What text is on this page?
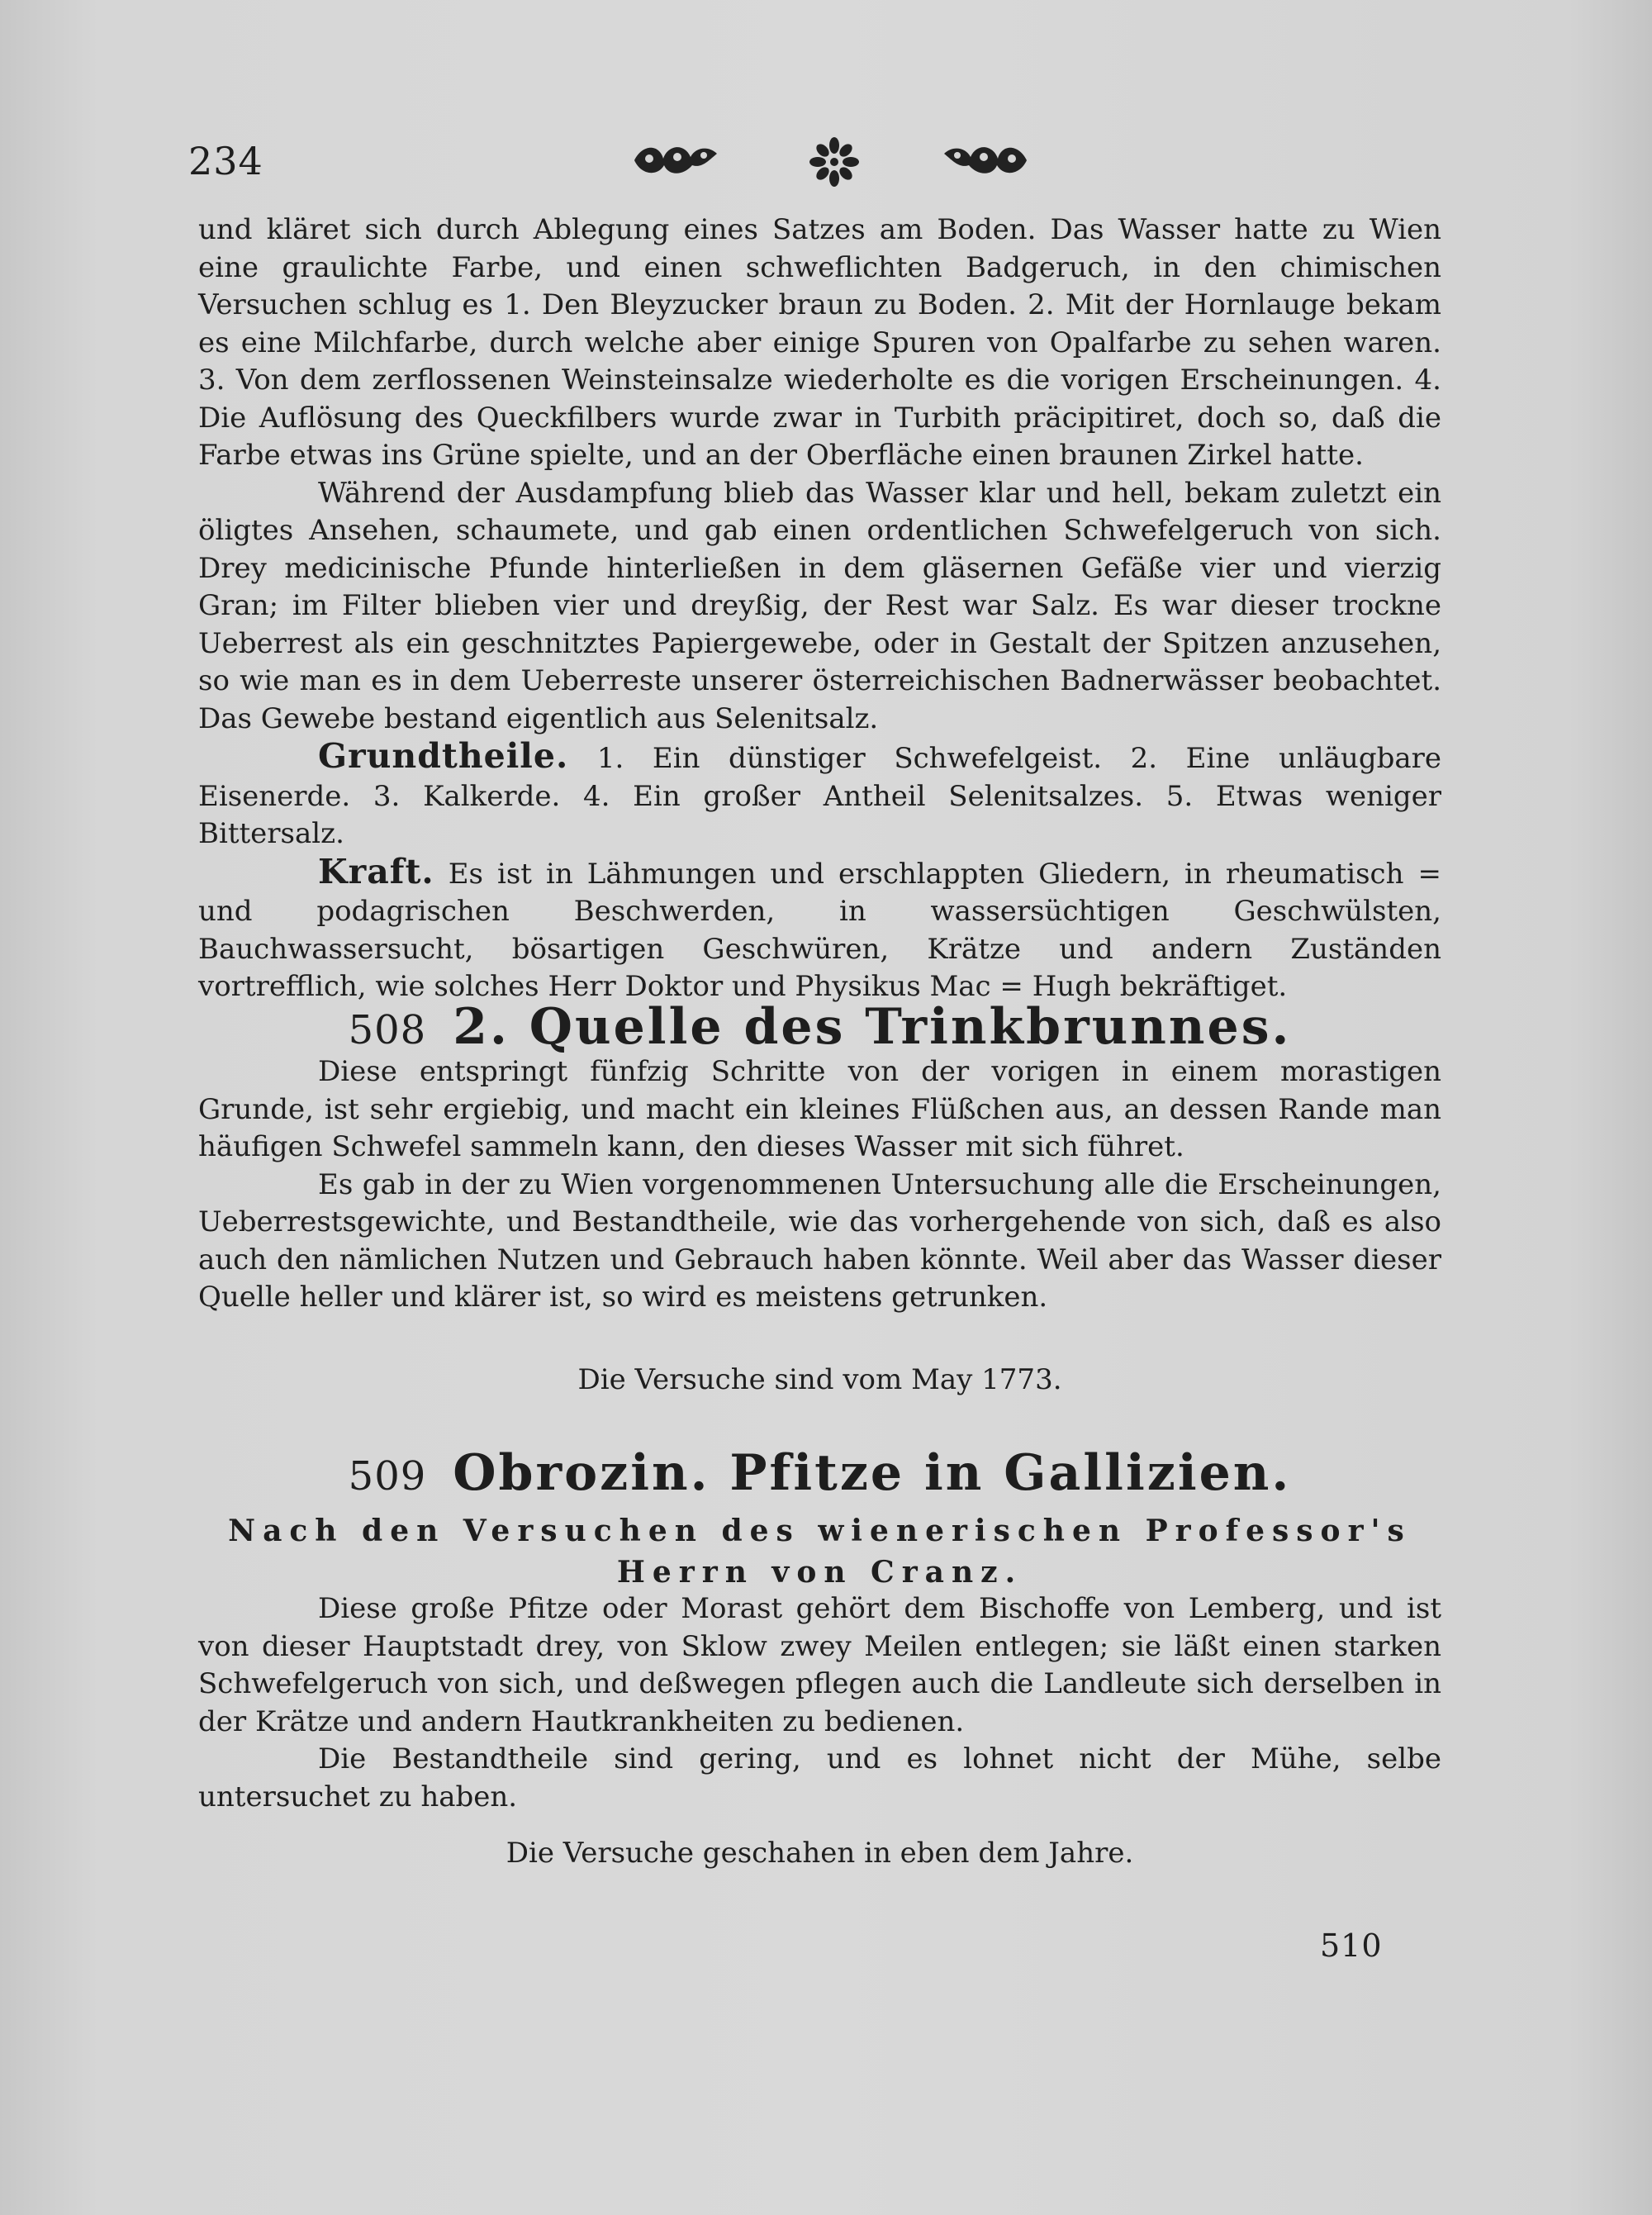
234

und kläret sich durch Ablegung eines Satzes am Boden. Das Wasser hatte zu Wien eine graulichte Farbe, und einen schweflichten Badgeruch, in den chimischen Versuchen schlug es 1. Den Bleyzucker braun zu Boden. 2. Mit der Hornlauge bekam es eine Milchfarbe, durch welche aber einige Spuren von Opalfarbe zu sehen waren. 3. Von dem zerflossenen Weinsteinsalze wiederholte es die vorigen Erscheinungen. 4. Die Auflösung des Queckfilbers wurde zwar in Turbith präcipitiret, doch so, daß die Farbe etwas ins Grüne spielte, und an der Oberfläche einen braunen Zirkel hatte.

Während der Ausdampfung blieb das Wasser klar und hell, bekam zuletzt ein öligtes Ansehen, schaumete, und gab einen ordentlichen Schwefelgeruch von sich. Drey medicinische Pfunde hinterließen in dem gläsernen Gefäße vier und vierzig Gran; im Filter blieben vier und dreyßig, der Rest war Salz. Es war dieser trockne Ueberrest als ein geschnitztes Papiergewebe, oder in Gestalt der Spitzen anzusehen, so wie man es in dem Ueberreste unserer österreichischen Badnerwässer beobachtet. Das Gewebe bestand eigentlich aus Selenitsalz.

Grundtheile. 1. Ein dünstiger Schwefelgeist. 2. Eine unläugbare Eisenerde. 3. Kalkerde. 4. Ein großer Antheil Selenitsalzes. 5. Etwas weniger Bittersalz.

Kraft. Es ist in Lähmungen und erschlappten Gliedern, in rheumatisch = und podagrischen Beschwerden, in wassersüchtigen Geschwülsten, Bauchwassersucht, bösartigen Geschwüren, Krätze und andern Zuständen vortrefflich, wie solches Herr Doktor und Physikus Mac = Hugh bekräftiget.

508 2. Quelle des Trinkbrunnes.

Diese entspringt fünfzig Schritte von der vorigen in einem morastigen Grunde, ist sehr ergiebig, und macht ein kleines Flüßchen aus, an dessen Rande man häufigen Schwefel sammeln kann, den dieses Wasser mit sich führet.

Es gab in der zu Wien vorgenommenen Untersuchung alle die Erscheinungen, Ueberrestsgewichte, und Bestandtheile, wie das vorhergehende von sich, daß es also auch den nämlichen Nutzen und Gebrauch haben könnte. Weil aber das Wasser dieser Quelle heller und klärer ist, so wird es meistens getrunken.

Die Versuche sind vom May 1773.
509 Obrozin. Pfitze in Gallizien.
Nach den Versuchen des wienerischen Professor's
Herrn von Cranz.

Diese große Pfitze oder Morast gehört dem Bischoffe von Lemberg, und ist von dieser Hauptstadt drey, von Sklow zwey Meilen entlegen; sie läßt einen starken Schwefelgeruch von sich, und deßwegen pflegen auch die Landleute sich derselben in der Krätze und andern Hautkrankheiten zu bedienen.

Die Bestandtheile sind gering, und es lohnet nicht der Mühe, selbe untersuchet zu haben.

Die Versuche geschahen in eben dem Jahre.
510
